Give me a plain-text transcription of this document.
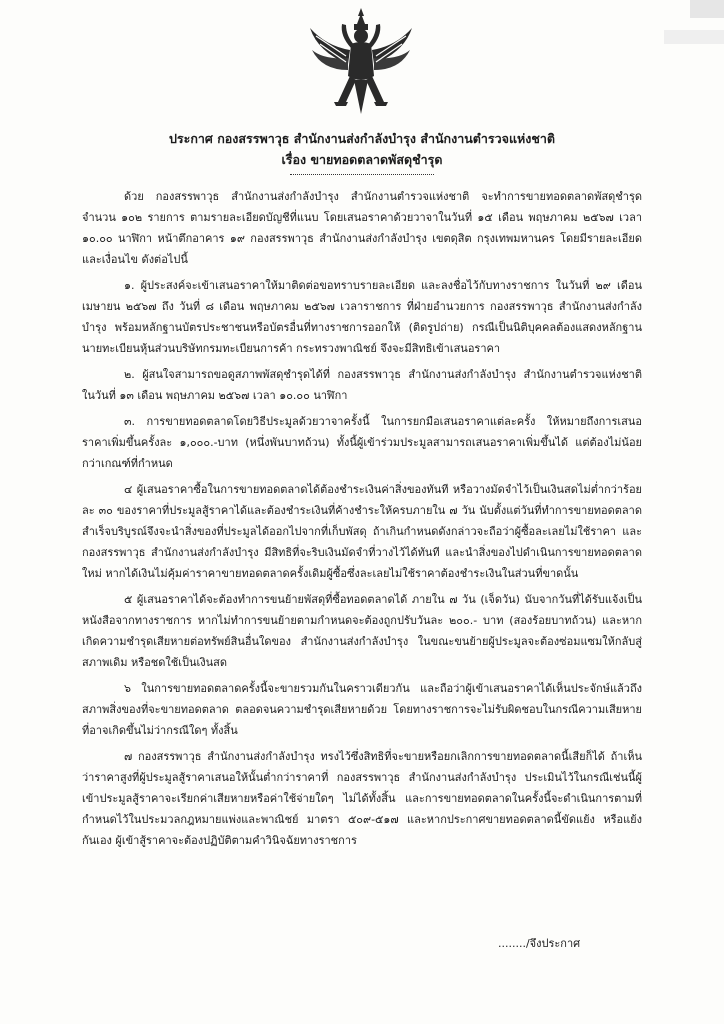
ประกาศ กองสรรพาวุธ สำนักงานส่งกำลังบำรุง สำนักงานตำรวจแห่งชาติ
เรื่อง ขายทอดตลาดพัสดุชำรุด

ด้วย กองสรรพาวุธ สำนักงานส่งกำลังบำรุง สำนักงานตำรวจแห่งชาติ จะทำการขายทอดตลาดพัสดุชำรุด จำนวน ๑๐๒ รายการ ตามรายละเอียดบัญชีที่แนบ โดยเสนอราคาด้วยวาจาในวันที่ ๑๕ เดือน พฤษภาคม ๒๕๖๗ เวลา ๑๐.๐๐ นาฬิกา หน้าตึกอาคาร ๑๙ กองสรรพาวุธ สำนักงานส่งกำลังบำรุง เขตดุสิต กรุงเทพมหานคร โดยมีรายละเอียดและเงื่อนไข ดังต่อไปนี้

๑. ผู้ประสงค์จะเข้าเสนอราคาให้มาติดต่อขอทราบรายละเอียด และลงชื่อไว้กับทางราชการ ในวันที่ ๒๙ เดือน เมษายน ๒๕๖๗ ถึง วันที่ ๘ เดือน พฤษภาคม ๒๕๖๗ เวลาราชการ ที่ฝ่ายอำนวยการ กองสรรพาวุธ สำนักงานส่งกำลังบำรุง พร้อมหลักฐานบัตรประชาชนหรือบัตรอื่นที่ทางราชการออกให้ (ติดรูปถ่าย) กรณีเป็นนิติบุคคลต้องแสดงหลักฐานนายทะเบียนหุ้นส่วนบริษัทกรมทะเบียนการค้า กระทรวงพาณิชย์ จึงจะมีสิทธิเข้าเสนอราคา

๒. ผู้สนใจสามารถขอดูสภาพพัสดุชำรุดได้ที่ กองสรรพาวุธ สำนักงานส่งกำลังบำรุง สำนักงานตำรวจแห่งชาติ ในวันที่ ๑๓ เดือน พฤษภาคม ๒๕๖๗ เวลา ๑๐.๐๐ นาฬิกา

๓. การขายทอดตลาดโดยวิธีประมูลด้วยวาจาครั้งนี้ ในการยกมือเสนอราคาแต่ละครั้ง ให้หมายถึงการเสนอราคาเพิ่มขึ้นครั้งละ ๑,๐๐๐.-บาท (หนึ่งพันบาทถ้วน) ทั้งนี้ผู้เข้าร่วมประมูลสามารถเสนอราคาเพิ่มขึ้นได้ แต่ต้องไม่น้อยกว่าเกณฑ์ที่กำหนด

๔ ผู้เสนอราคาซื้อในการขายทอดตลาดได้ต้องชำระเงินค่าสิ่งของทันที หรือวางมัดจำไว้เป็นเงินสดไม่ต่ำกว่าร้อยละ ๓๐ ของราคาที่ประมูลสู้ราคาได้และต้องชำระเงินที่ค้างชำระให้ครบภายใน ๗ วัน นับตั้งแต่วันที่ทำการขายทอดตลาดสำเร็จบริบูรณ์จึงจะนำสิ่งของที่ประมูลได้ออกไปจากที่เก็บพัสดุ ถ้าเกินกำหนดดังกล่าวจะถือว่าผู้ซื้อละเลยไม่ใช้ราคา และกองสรรพาวุธ สำนักงานส่งกำลังบำรุง มีสิทธิที่จะริบเงินมัดจำที่วางไว้ได้ทันที และนำสิ่งของไปดำเนินการขายทอดตลาดใหม่ หากได้เงินไม่คุ้มค่าราคาขายทอดตลาดครั้งเดิมผู้ซื้อซึ่งละเลยไม่ใช้ราคาต้องชำระเงินในส่วนที่ขาดนั้น

๕ ผู้เสนอราคาได้จะต้องทำการขนย้ายพัสดุที่ซื้อทอดตลาดได้ ภายใน ๗ วัน (เจ็ดวัน) นับจากวันที่ได้รับแจ้งเป็นหนังสือจากทางราชการ หากไม่ทำการขนย้ายตามกำหนดจะต้องถูกปรับวันละ ๒๐๐.- บาท (สองร้อยบาทถ้วน) และหากเกิดความชำรุดเสียหายต่อทรัพย์สินอื่นใดของ สำนักงานส่งกำลังบำรุง ในขณะขนย้ายผู้ประมูลจะต้องซ่อมแซมให้กลับสู่สภาพเดิม หรือชดใช้เป็นเงินสด

๖ ในการขายทอดตลาดครั้งนี้จะขายรวมกันในคราวเดียวกัน และถือว่าผู้เข้าเสนอราคาได้เห็นประจักษ์แล้วถึงสภาพสิ่งของที่จะขายทอดตลาด ตลอดจนความชำรุดเสียหายด้วย โดยทางราชการจะไม่รับผิดชอบในกรณีความเสียหายที่อาจเกิดขึ้นไม่ว่ากรณีใดๆ ทั้งสิ้น

๗ กองสรรพาวุธ สำนักงานส่งกำลังบำรุง ทรงไว้ซึ่งสิทธิที่จะขายหรือยกเลิกการขายทอดตลาดนี้เสียก็ได้ ถ้าเห็นว่าราคาสูงที่ผู้ประมูลสู้ราคาเสนอให้นั้นต่ำกว่าราคาที่ กองสรรพาวุธ สำนักงานส่งกำลังบำรุง ประเมินไว้ในกรณีเช่นนี้ผู้เข้าประมูลสู้ราคาจะเรียกค่าเสียหายหรือค่าใช้จ่ายใดๆ ไม่ได้ทั้งสิ้น และการขายทอดตลาดในครั้งนี้จะดำเนินการตามที่กำหนดไว้ในประมวลกฎหมายแพ่งและพาณิชย์ มาตรา ๕๐๙-๕๑๗ และหากประกาศขายทอดตลาดนี้ขัดแย้ง หรือแย้งกันเอง ผู้เข้าสู้ราคาจะต้องปฏิบัติตามคำวินิจฉัยทางราชการ

......../จึงประกาศ
